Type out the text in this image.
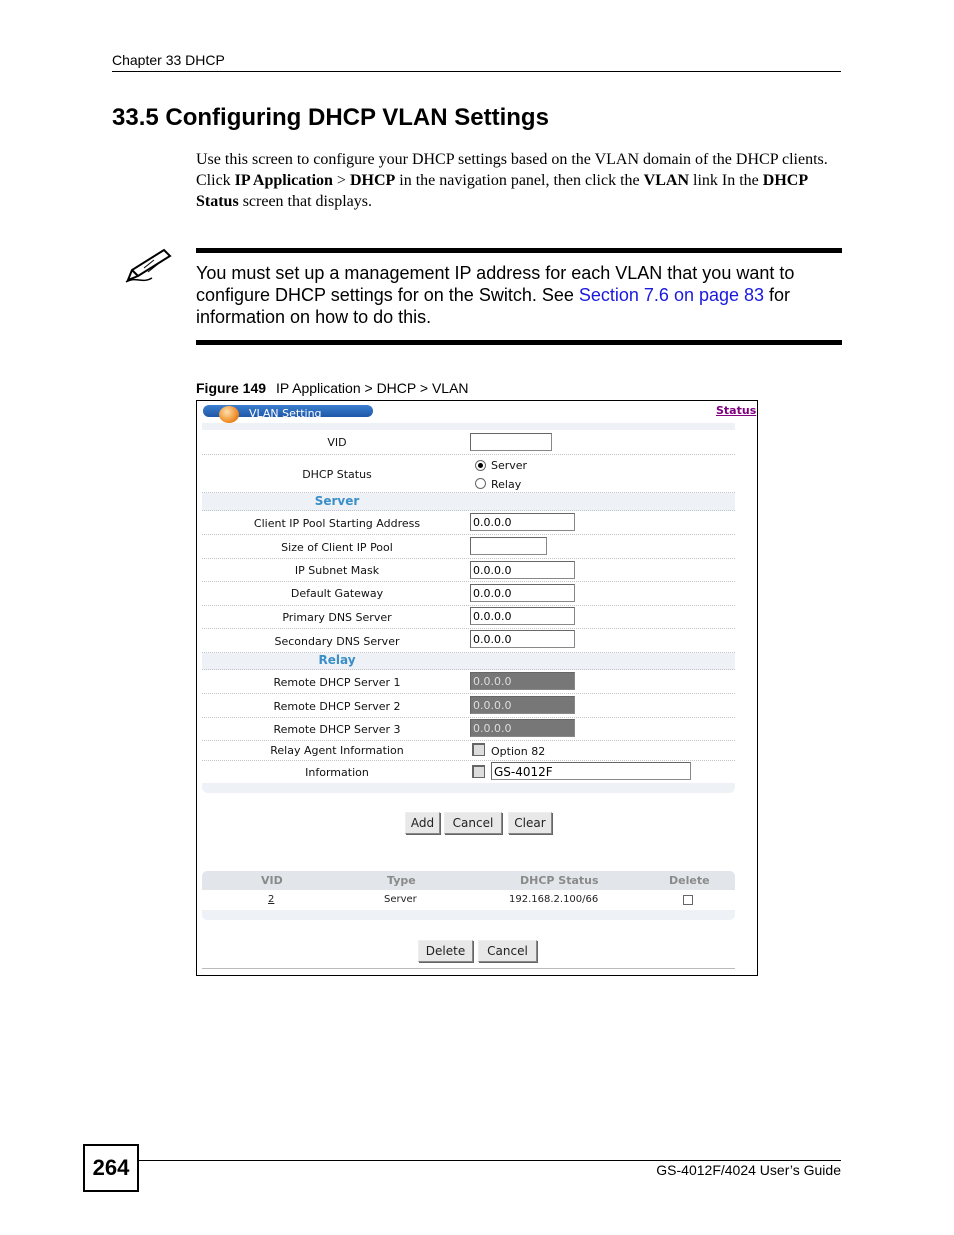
Chapter 33 DHCP
33.5 Configuring DHCP VLAN Settings
Use this screen to configure your DHCP settings based on the VLAN domain of the DHCP clients. Click IP Application > DHCP in the navigation panel, then click the VLAN link In the DHCP Status screen that displays.
You must set up a management IP address for each VLAN that you want to configure DHCP settings for on the Switch. See Section 7.6 on page 83 for information on how to do this.
Figure 149 IP Application > DHCP > VLAN
VLAN Setting	Status
VID
DHCP Status
Server
Relay
Server
Client IP Pool Starting Address	0.0.0.0
Size of Client IP Pool
IP Subnet Mask	0.0.0.0
Default Gateway	0.0.0.0
Primary DNS Server	0.0.0.0
Secondary DNS Server	0.0.0.0
Relay
Remote DHCP Server 1	0.0.0.0
Remote DHCP Server 2	0.0.0.0
Remote DHCP Server 3	0.0.0.0
Relay Agent Information	Option 82
Information	GS-4012F
Add	Cancel	Clear
VID	Type	DHCP Status	Delete
2	Server	192.168.2.100/66
Delete	Cancel
264	GS-4012F/4024 User’s Guide
